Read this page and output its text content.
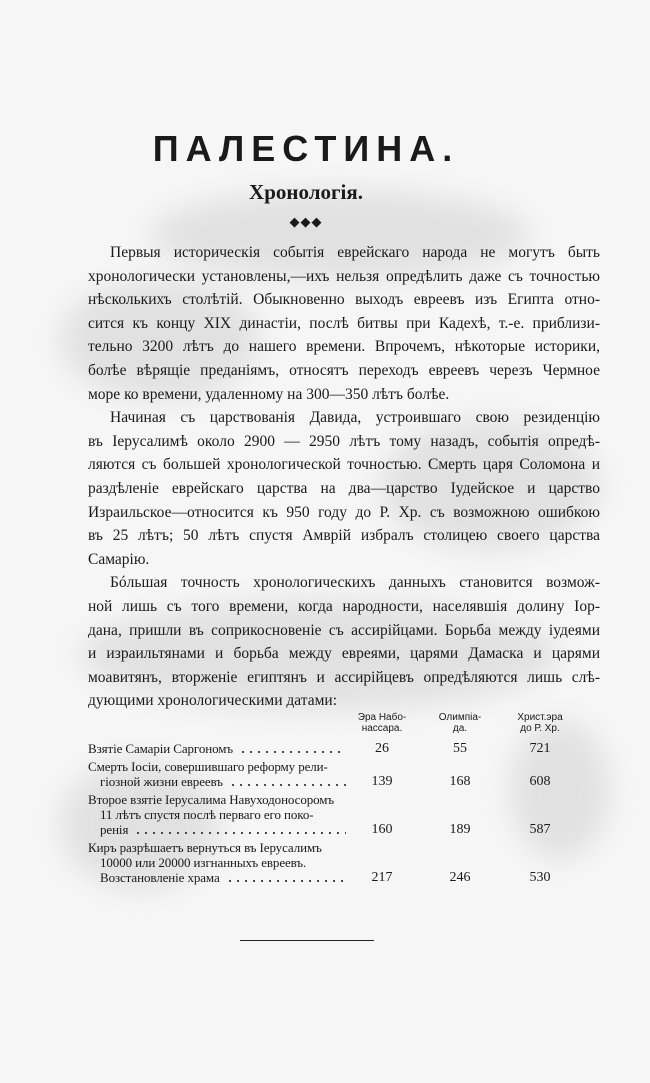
ПАЛЕСТИНА.
Хронологія.
◆◆◆
Первыя историческія событія еврейскаго народа не могутъ быть
хронологически установлены,—ихъ нельзя опредѣлить даже съ точностью
нѣсколькихъ столѣтій. Обыкновенно выходъ евреевъ изъ Египта отно-
сится къ концу XIX династіи, послѣ битвы при Кадехѣ, т.-е. приблизи-
тельно 3200 лѣтъ до нашего времени. Впрочемъ, нѣкоторые историки,
болѣе вѣрящіе преданіямъ, относятъ переходъ евреевъ черезъ Чермное
море ко времени, удаленному на 300—350 лѣтъ болѣе.
Начиная съ царствованія Давида, устроившаго свою резиденцію
въ Іерусалимѣ около 2900 — 2950 лѣтъ тому назадъ, событія опредѣ-
ляются съ большей хронологической точностью. Смерть царя Соломона и
раздѣленіе еврейскаго царства на два—царство Іудейское и царство
Израильское—относится къ 950 году до Р. Хр. съ возможною ошибкою
въ 25 лѣтъ; 50 лѣтъ спустя Амврій избралъ столицею своего царства
Самарію.
Бóльшая точность хронологическихъ данныхъ становится возмож-
ной лишь съ того времени, когда народности, населявшія долину Іор-
дана, пришли въ соприкосновеніе съ ассирійцами. Борьба между іудеями
и израильтянами и борьба между евреями, царями Дамаска и царями
моавитянъ, вторженіе египтянъ и ассирійцевъ опредѣляются лишь слѣ-
дующими хронологическими датами:
Эра Набо-
нассара.
Олимпіа-
да.
Христ.эра
до Р. Хр.
Взятіе Самаріи Саргономъ	26	55	721
Смерть Іосіи, совершившаго реформу рели-
гіозной жизни евреевъ	139	168	608
Второе взятіе Іерусалима Навуходоносоромъ
11 лѣтъ спустя послѣ перваго его поко-
ренія	160	189	587
Киръ разрѣшаетъ вернуться въ Іерусалимъ
10000 или 20000 изгнанныхъ евреевъ.
Возстановленіе храма	217	246	530
